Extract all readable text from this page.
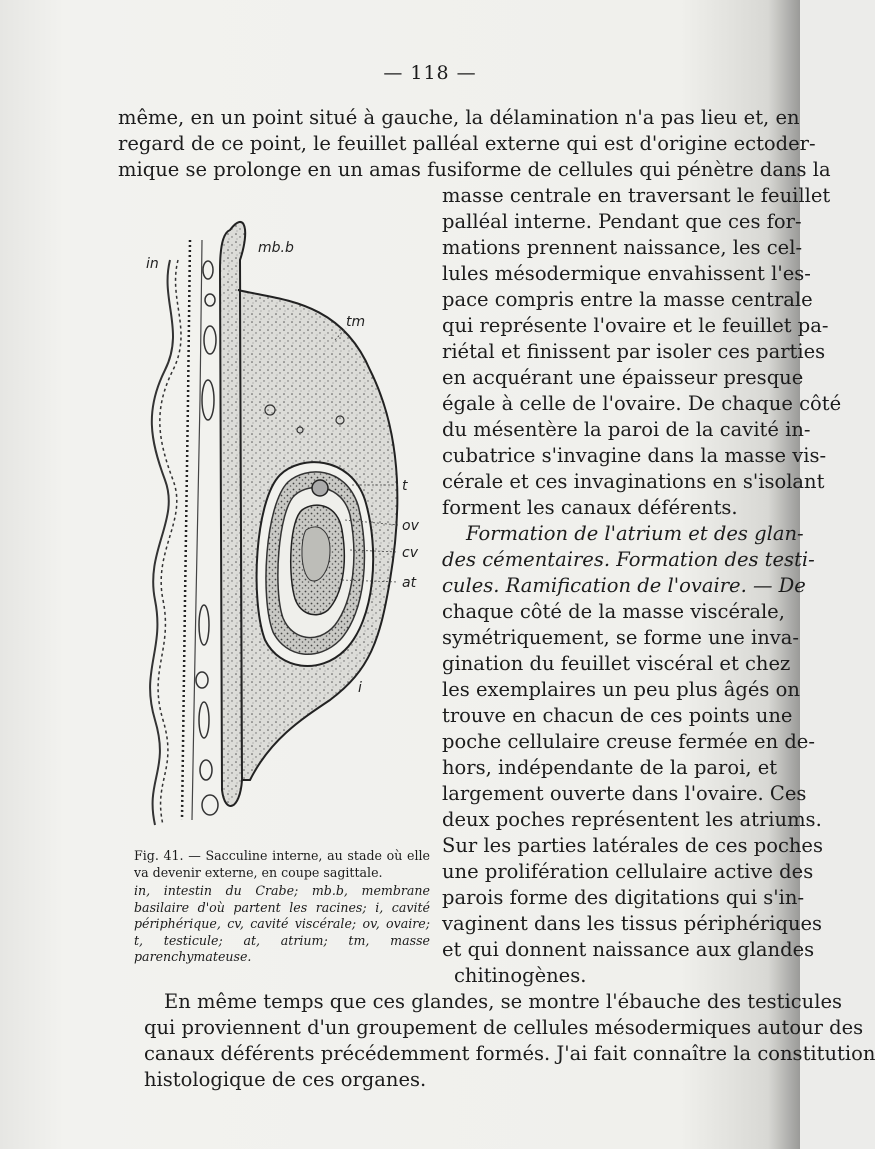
— 118 —
même, en un point situé à gauche, la délamination n'a pas lieu et, en
regard de ce point, le feuillet palléal externe qui est d'origine ectoder-
mique se prolonge en un amas fusiforme de cellules qui pénètre dans la
masse centrale en traversant le feuillet
palléal interne. Pendant que ces for-
mations prennent naissance, les cel-
lules mésodermique envahissent l'es-
pace compris entre la masse centrale
qui représente l'ovaire et le feuillet pa-
riétal et finissent par isoler ces parties
en acquérant une épaisseur presque
égale à celle de l'ovaire. De chaque côté
du mésentère la paroi de la cavité in-
cubatrice s'invagine dans la masse vis-
cérale et ces invaginations en s'isolant
forment les canaux déférents.
Formation de l'atrium et des glan-
des cémentaires. Formation des testi-
cules. Ramification de l'ovaire. — De
chaque côté de la masse viscérale,
symétriquement, se forme une inva-
gination du feuillet viscéral et chez
les exemplaires un peu plus âgés on
trouve en chacun de ces points une
poche cellulaire creuse fermée en de-
hors, indépendante de la paroi, et
largement ouverte dans l'ovaire. Ces
deux poches représentent les atriums.
Sur les parties latérales de ces poches
une prolifération cellulaire active des
parois forme des digitations qui s'in-
vaginent dans les tissus périphériques
et qui donnent naissance aux glandes
chitinogènes.
En même temps que ces glandes, se montre l'ébauche des testicules
qui proviennent d'un groupement de cellules mésodermiques autour des
canaux déférents précédemment formés. J'ai fait connaître la constitution
histologique de ces organes.
in
mb.b
tm
t
ov
cv
at
i
Fig. 41. — Sacculine interne, au stade où elle va devenir externe, en coupe sagittale.
in, intestin du Crabe; mb.b, membrane basilaire d'où partent les racines; i, cavité périphérique, cv, cavité viscérale; ov, ovaire; t, testicule; at, atrium; tm, masse parenchymateuse.
